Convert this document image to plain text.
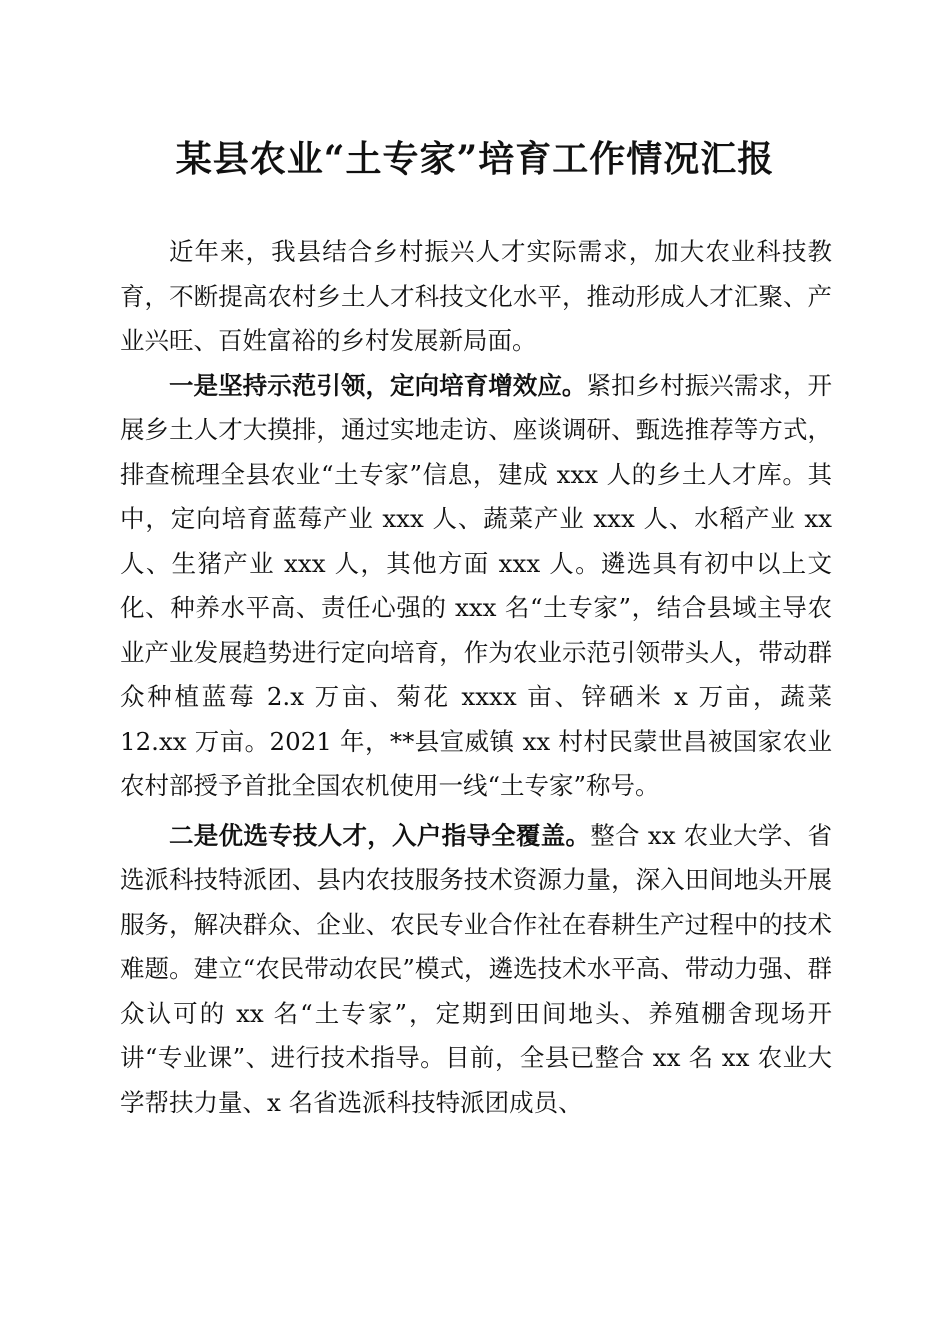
某县农业“土专家”培育工作情况汇报

近年来，我县结合乡村振兴人才实际需求，加大农业科技教育，不断提高农村乡土人才科技文化水平，推动形成人才汇聚、产业兴旺、百姓富裕的乡村发展新局面。

一是坚持示范引领，定向培育增效应。紧扣乡村振兴需求，开展乡土人才大摸排，通过实地走访、座谈调研、甄选推荐等方式，排查梳理全县农业“土专家”信息，建成 xxx 人的乡土人才库。其中，定向培育蓝莓产业 xxx 人、蔬菜产业 xxx 人、水稻产业 xx 人、生猪产业 xxx 人，其他方面 xxx 人。遴选具有初中以上文化、种养水平高、责任心强的 xxx 名“土专家”，结合县域主导农业产业发展趋势进行定向培育，作为农业示范引领带头人，带动群众种植蓝莓 2.x 万亩、菊花 xxxx 亩、锌硒米 x 万亩，蔬菜 12.xx 万亩。2021 年，**县宣威镇 xx 村村民蒙世昌被国家农业农村部授予首批全国农机使用一线“土专家”称号。

二是优选专技人才，入户指导全覆盖。整合 xx 农业大学、省选派科技特派团、县内农技服务技术资源力量，深入田间地头开展服务，解决群众、企业、农民专业合作社在春耕生产过程中的技术难题。建立“农民带动农民”模式，遴选技术水平高、带动力强、群众认可的 xx 名“土专家”，定期到田间地头、养殖棚舍现场开讲“专业课”、进行技术指导。目前，全县已整合 xx 名 xx 农业大学帮扶力量、x 名省选派科技特派团成员、
